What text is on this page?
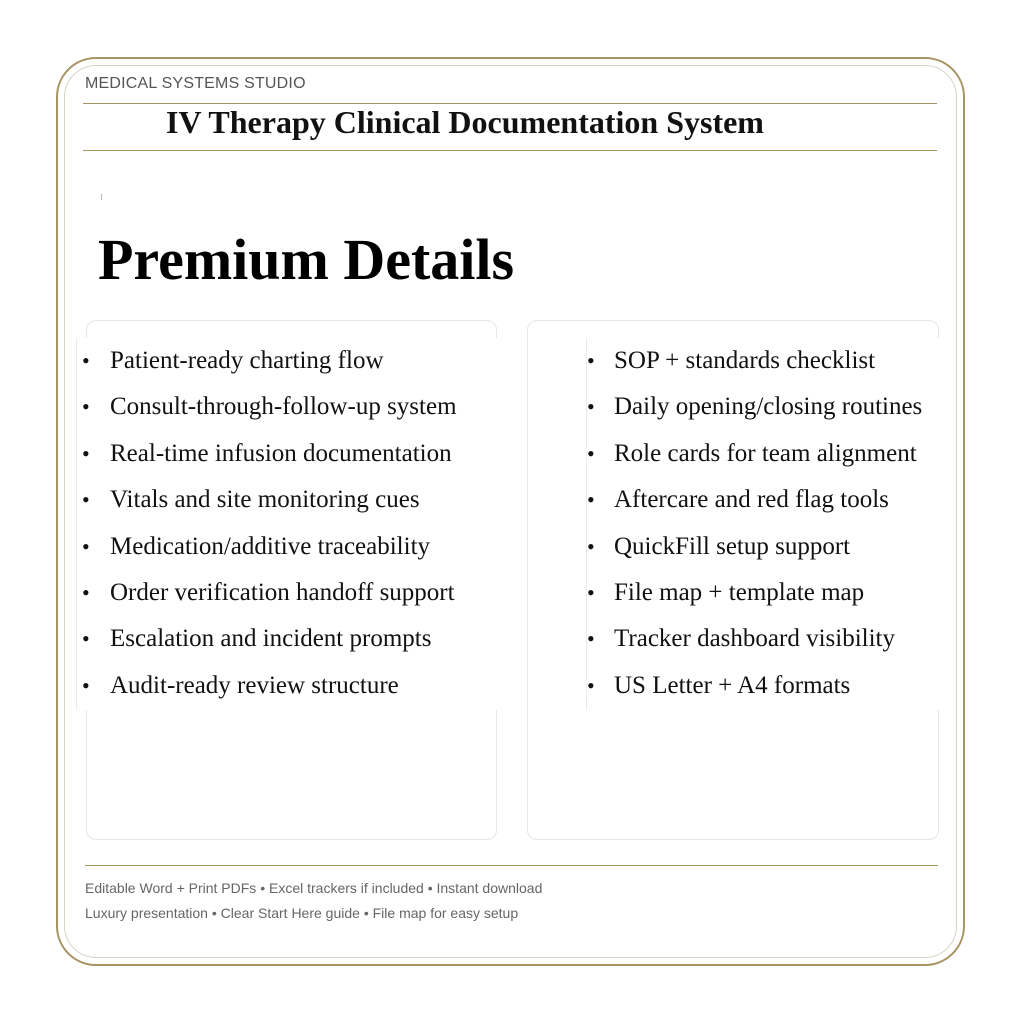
MEDICAL SYSTEMS STUDIO
IV Therapy Clinical Documentation System
Premium Details
• Patient-ready charting flow
• Consult-through-follow-up system
• Real-time infusion documentation
• Vitals and site monitoring cues
• Medication/additive traceability
• Order verification handoff support
• Escalation and incident prompts
• Audit-ready review structure
• SOP + standards checklist
• Daily opening/closing routines
• Role cards for team alignment
• Aftercare and red flag tools
• QuickFill setup support
• File map + template map
• Tracker dashboard visibility
• US Letter + A4 formats
Editable Word + Print PDFs • Excel trackers if included • Instant download
Luxury presentation • Clear Start Here guide • File map for easy setup
